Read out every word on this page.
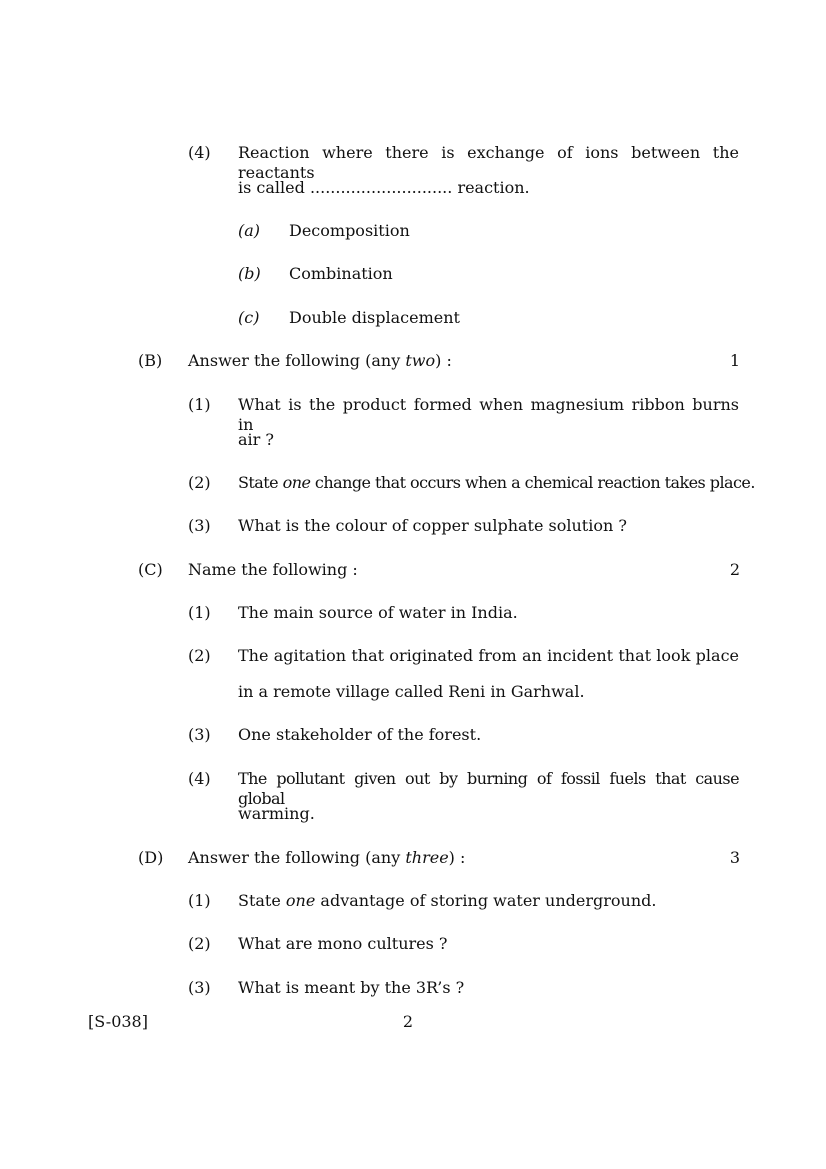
(4)	Reaction where there is exchange of ions between the reactants
is called ............................ reaction.
(a)	Decomposition
(b)	Combination
(c)	Double displacement
(B)	Answer the following (any two) :	1
(1)	What is the product formed when magnesium ribbon burns in
air ?
(2)	State one change that occurs when a chemical reaction takes place.
(3)	What is the colour of copper sulphate solution ?
(C)	Name the following :	2
(1)	The main source of water in India.
(2)	The agitation that originated from an incident that look place
in a remote village called Reni in Garhwal.
(3)	One stakeholder of the forest.
(4)	The pollutant given out by burning of fossil fuels that cause global
warming.
(D)	Answer the following (any three) :	3
(1)	State one advantage of storing water underground.
(2)	What are mono cultures ?
(3)	What is meant by the 3R’s ?
[S-038]	2
